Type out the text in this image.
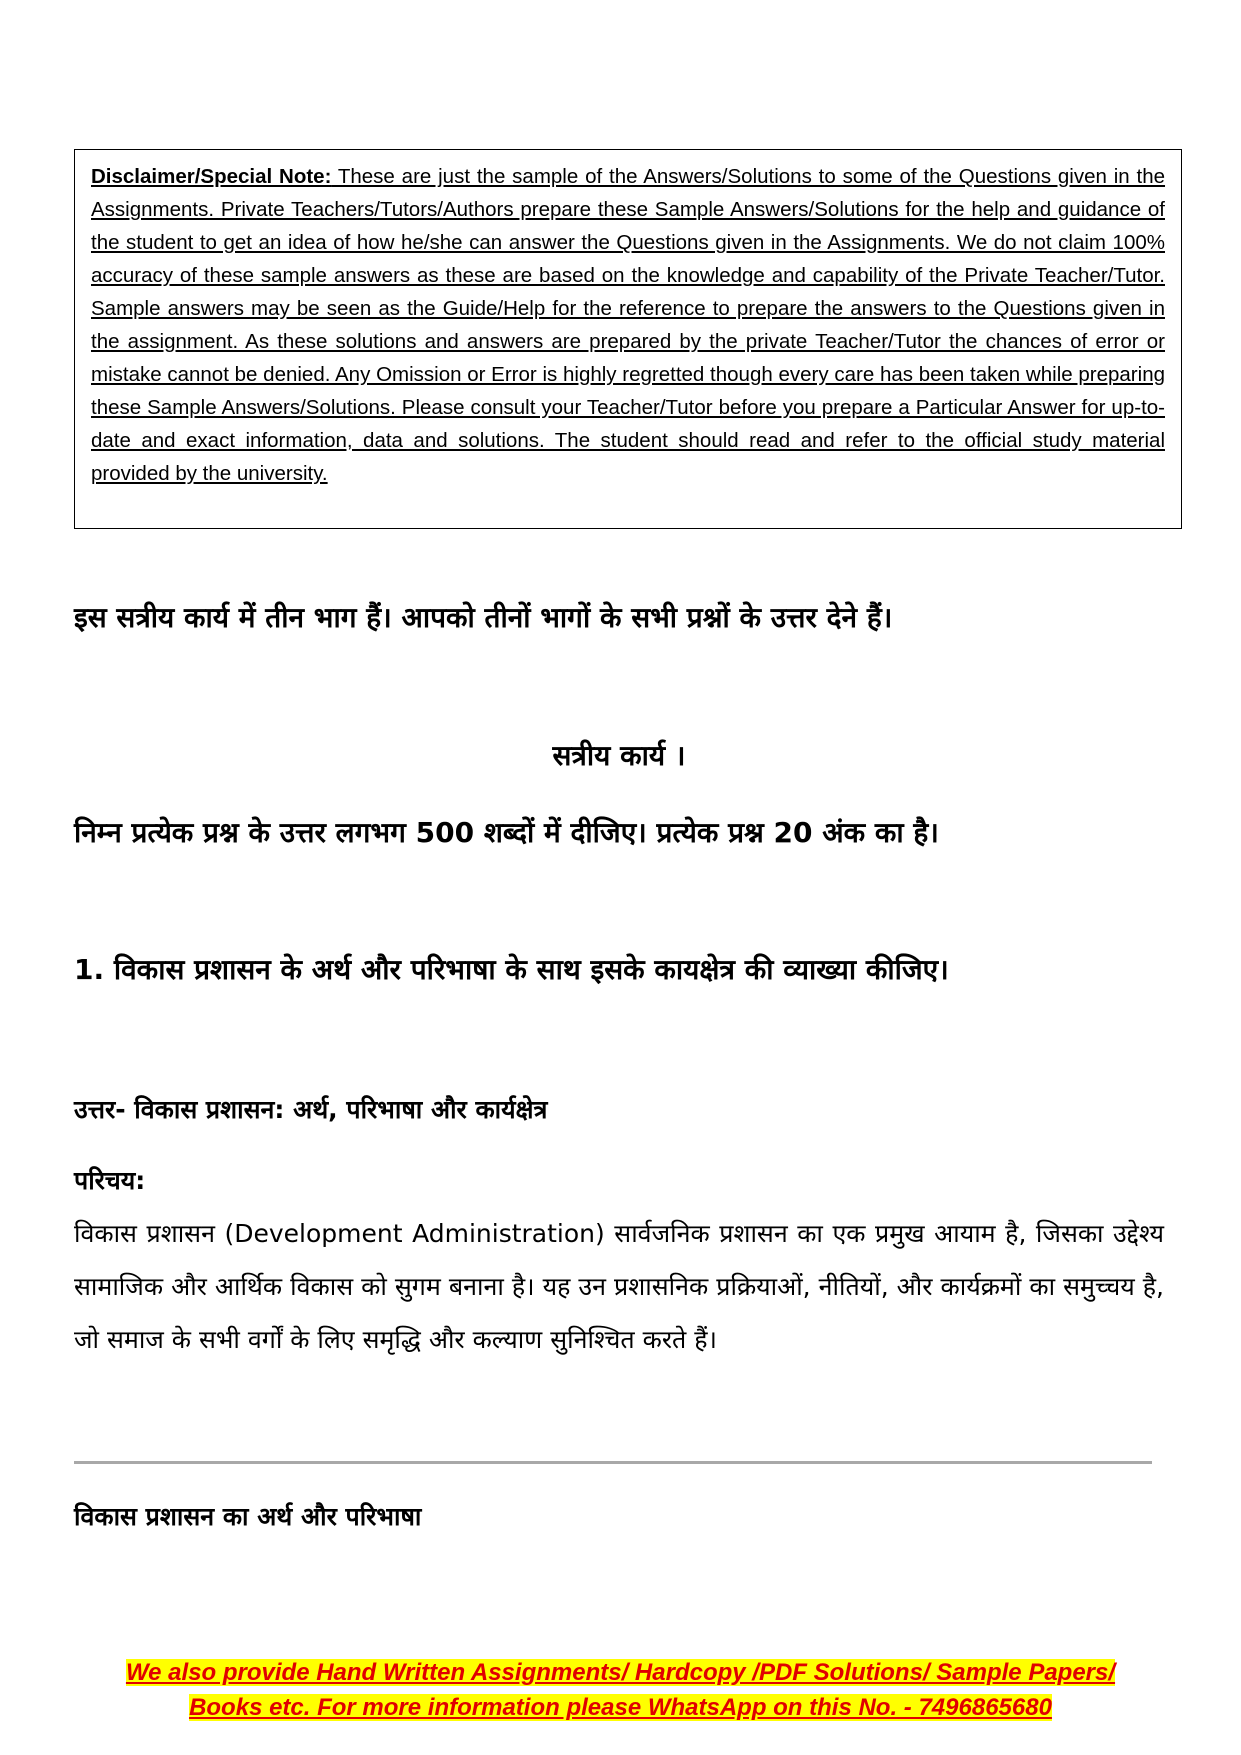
Disclaimer/Special Note: These are just the sample of the Answers/Solutions to some of the Questions given in the Assignments. Private Teachers/Tutors/Authors prepare these Sample Answers/Solutions for the help and guidance of the student to get an idea of how he/she can answer the Questions given in the Assignments. We do not claim 100% accuracy of these sample answers as these are based on the knowledge and capability of the Private Teacher/Tutor. Sample answers may be seen as the Guide/Help for the reference to prepare the answers to the Questions given in the assignment. As these solutions and answers are prepared by the private Teacher/Tutor the chances of error or mistake cannot be denied. Any Omission or Error is highly regretted though every care has been taken while preparing these Sample Answers/Solutions. Please consult your Teacher/Tutor before you prepare a Particular Answer for up-to-date and exact information, data and solutions. The student should read and refer to the official study material provided by the university.
इस सत्रीय कार्य में तीन भाग हैं। आपको तीनों भागों के सभी प्रश्नों के उत्तर देने हैं।
सत्रीय कार्य ।
निम्न प्रत्येक प्रश्न के उत्तर लगभग 500 शब्दों में दीजिए। प्रत्येक प्रश्न 20 अंक का है।
1. विकास प्रशासन के अर्थ और परिभाषा के साथ इसके कायक्षेत्र की व्याख्या कीजिए।
उत्तर- विकास प्रशासन: अर्थ, परिभाषा और कार्यक्षेत्र
परिचय:
विकास प्रशासन (Development Administration) सार्वजनिक प्रशासन का एक प्रमुख आयाम है, जिसका उद्देश्य सामाजिक और आर्थिक विकास को सुगम बनाना है। यह उन प्रशासनिक प्रक्रियाओं, नीतियों, और कार्यक्रमों का समुच्चय है, जो समाज के सभी वर्गों के लिए समृद्धि और कल्याण सुनिश्चित करते हैं।
विकास प्रशासन का अर्थ और परिभाषा
We also provide Hand Written Assignments/ Hardcopy /PDF Solutions/ Sample Papers/
Books etc. For more information please WhatsApp on this No. - 7496865680
